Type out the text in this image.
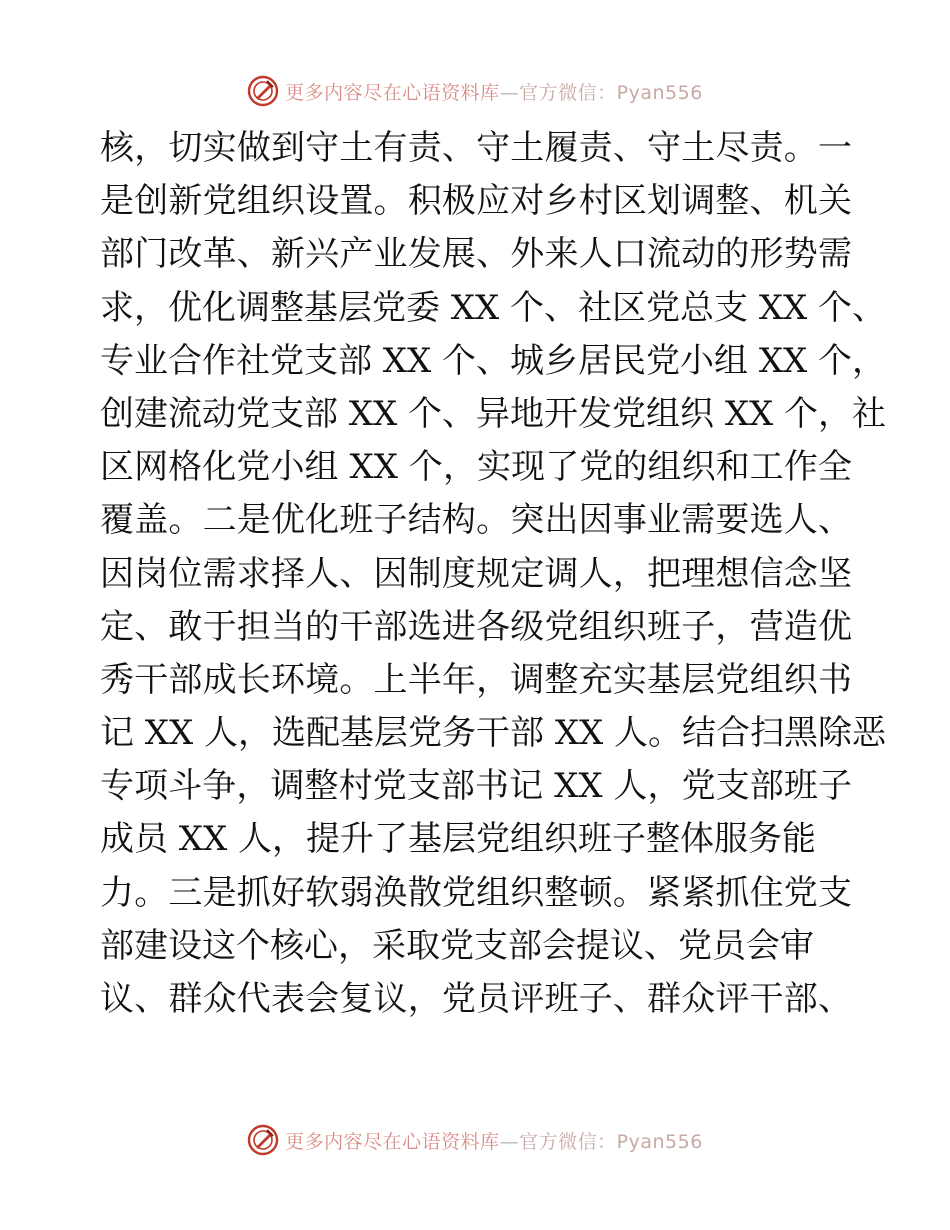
更多内容尽在心语资料库—官方微信：Pyan556
核，切实做到守土有责、守土履责、守土尽责。一
是创新党组织设置。积极应对乡村区划调整、机关
部门改革、新兴产业发展、外来人口流动的形势需
求，优化调整基层党委 XX 个、社区党总支 XX 个、
专业合作社党支部 XX 个、城乡居民党小组 XX 个，
创建流动党支部 XX 个、异地开发党组织 XX 个，社
区网格化党小组 XX 个，实现了党的组织和工作全
覆盖。二是优化班子结构。突出因事业需要选人、
因岗位需求择人、因制度规定调人，把理想信念坚
定、敢于担当的干部选进各级党组织班子，营造优
秀干部成长环境。上半年，调整充实基层党组织书
记 XX 人，选配基层党务干部 XX 人。结合扫黑除恶
专项斗争，调整村党支部书记 XX 人，党支部班子
成员 XX 人，提升了基层党组织班子整体服务能
力。三是抓好软弱涣散党组织整顿。紧紧抓住党支
部建设这个核心，采取党支部会提议、党员会审
议、群众代表会复议，党员评班子、群众评干部、
更多内容尽在心语资料库—官方微信：Pyan556
